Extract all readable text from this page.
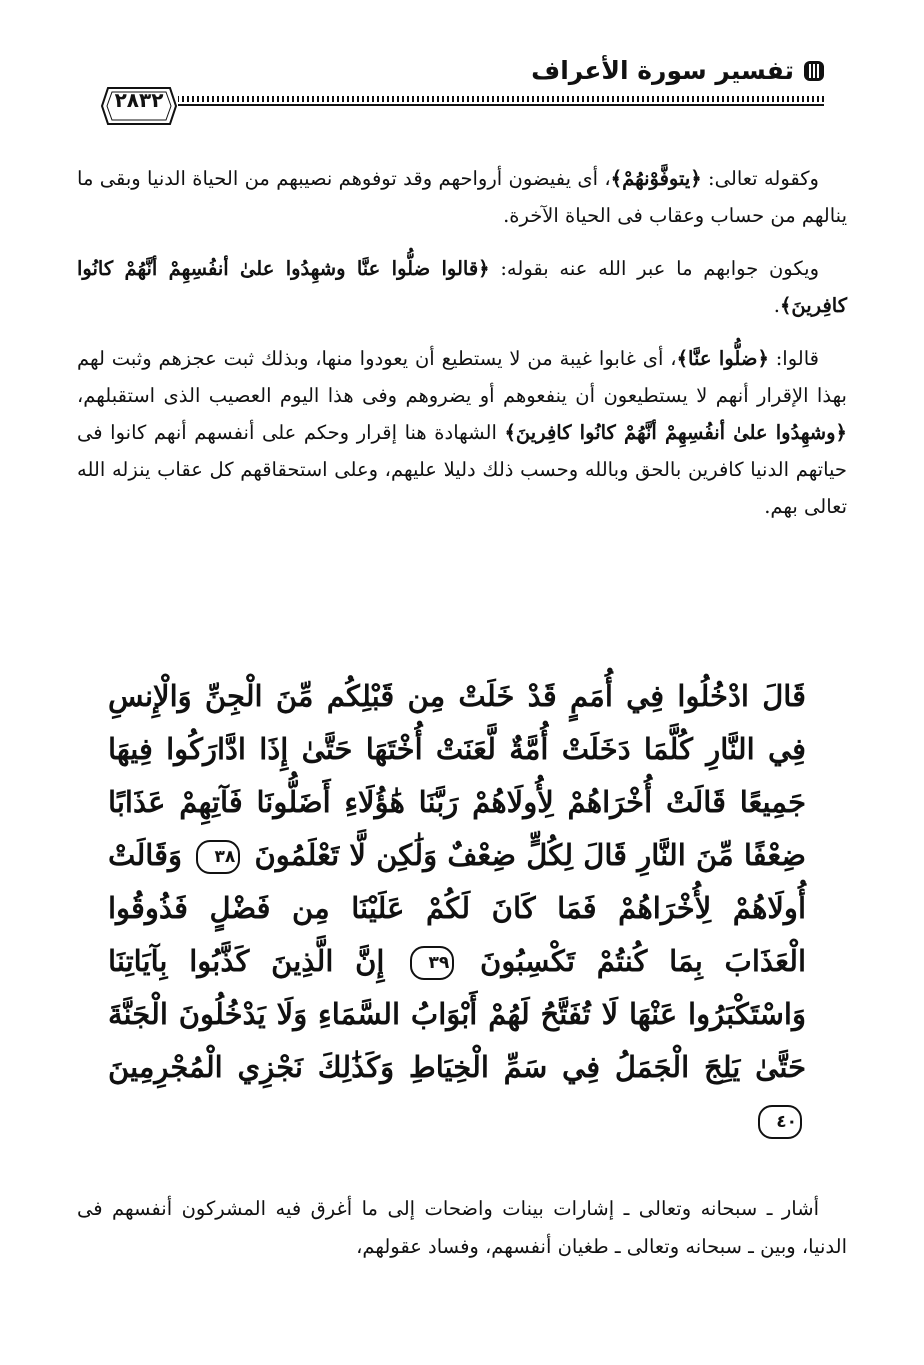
تفسير سورة الأعراف
٢٨٣٢

وكقوله تعالى: ﴿يتوفَّوْنهُمْ﴾، أى يفيضون أرواحهم وقد توفوهم نصيبهم من الحياة الدنيا وبقى ما ينالهم من حساب وعقاب فى الحياة الآخرة.

ويكون جوابهم ما عبر الله عنه بقوله: ﴿قالوا ضلُّوا عنَّا وشهِدُوا علىٰ أنفُسِهِمْ أنَّهُمْ كانُوا كافِرينَ﴾.

قالوا: ﴿ضلُّوا عنَّا﴾، أى غابوا غيبة من لا يستطيع أن يعودوا منها، وبذلك ثبت عجزهم وثبت لهم بهذا الإقرار أنهم لا يستطيعون أن ينفعوهم أو يضروهم وفى هذا اليوم العصيب الذى استقبلهم، ﴿وشهِدُوا علىٰ أنفُسِهِمْ أنَّهُمْ كانُوا كافِرينَ﴾ الشهادة هنا إقرار وحكم على أنفسهم أنهم كانوا فى حياتهم الدنيا كافرين بالحق وبالله وحسب ذلك دليلا عليهم، وعلى استحقاقهم كل عقاب ينزله الله تعالى بهم.

قَالَ ادْخُلُوا فِي أُمَمٍ قَدْ خَلَتْ مِن قَبْلِكُم مِّنَ الْجِنِّ وَالْإِنسِ فِي النَّارِ كُلَّمَا دَخَلَتْ أُمَّةٌ لَّعَنَتْ أُخْتَهَا حَتَّىٰ إِذَا ادَّارَكُوا فِيهَا جَمِيعًا قَالَتْ أُخْرَاهُمْ لِأُولَاهُمْ رَبَّنَا هَٰؤُلَاءِ أَضَلُّونَا فَآتِهِمْ عَذَابًا ضِعْفًا مِّنَ النَّارِ قَالَ لِكُلٍّ ضِعْفٌ وَلَٰكِن لَّا تَعْلَمُونَ ٣٨ وَقَالَتْ أُولَاهُمْ لِأُخْرَاهُمْ فَمَا كَانَ لَكُمْ عَلَيْنَا مِن فَضْلٍ فَذُوقُوا الْعَذَابَ بِمَا كُنتُمْ تَكْسِبُونَ ٣٩ إِنَّ الَّذِينَ كَذَّبُوا بِآيَاتِنَا وَاسْتَكْبَرُوا عَنْهَا لَا تُفَتَّحُ لَهُمْ أَبْوَابُ السَّمَاءِ وَلَا يَدْخُلُونَ الْجَنَّةَ حَتَّىٰ يَلِجَ الْجَمَلُ فِي سَمِّ الْخِيَاطِ وَكَذَٰلِكَ نَجْزِي الْمُجْرِمِينَ ٤٠

أشار ـ سبحانه وتعالى ـ إشارات بينات واضحات إلى ما أغرق فيه المشركون أنفسهم فى الدنيا، وبين ـ سبحانه وتعالى ـ طغيان أنفسهم، وفساد عقولهم،
